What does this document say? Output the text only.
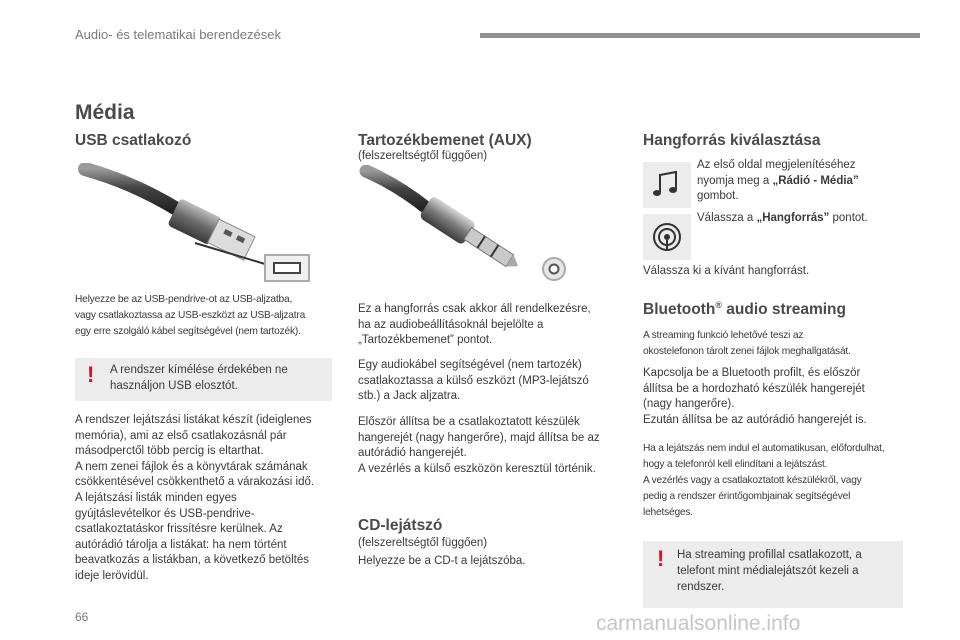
Audio- és telematikai berendezések
Média
USB csatlakozó
Helyezze be az USB-pendrive-ot az USB-aljzatba,
vagy csatlakoztassa az USB-eszközt az USB-aljzatra
egy erre szolgáló kábel segítségével (nem tartozék).
! A rendszer kímélése érdekében ne
használjon USB elosztót.
A rendszer lejátszási listákat készít (ideiglenes
memória), ami az első csatlakozásnál pár
másodperctől több percig is eltarthat.
A nem zenei fájlok és a könyvtárak számának
csökkentésével csökkenthető a várakozási idő.
A lejátszási listák minden egyes
gyújtáslevételkor és USB-pendrive-
csatlakoztatáskor frissítésre kerülnek. Az
autórádió tárolja a listákat: ha nem történt
beavatkozás a listákban, a következő betöltés
ideje lerövidül.
Tartozékbemenet (AUX)
(felszereltségtől függően)
Ez a hangforrás csak akkor áll rendelkezésre,
ha az audiobeállításoknál bejelölte a
„Tartozékbemenet” pontot.
Egy audiokábel segítségével (nem tartozék)
csatlakoztassa a külső eszközt (MP3-lejátszó
stb.) a Jack aljzatra.
Először állítsa be a csatlakoztatott készülék
hangerejét (nagy hangerőre), majd állítsa be az
autórádió hangerejét.
A vezérlés a külső eszközön keresztül történik.
CD-lejátszó
(felszereltségtől függően)
Helyezze be a CD-t a lejátszóba.
Hangforrás kiválasztása
Az első oldal megjelenítéséhez
nyomja meg a „Rádió - Média”
gombot.
Válassza a „Hangforrás” pontot.
Válassza ki a kívánt hangforrást.
Bluetooth® audio streaming
A streaming funkció lehetővé teszi az
okostelefonon tárolt zenei fájlok meghallgatását.
Kapcsolja be a Bluetooth profilt, és először
állítsa be a hordozható készülék hangerejét
(nagy hangerőre).
Ezután állítsa be az autórádió hangerejét is.
Ha a lejátszás nem indul el automatikusan, előfordulhat,
hogy a telefonról kell elindítani a lejátszást.
A vezérlés vagy a csatlakoztatott készülékről, vagy
pedig a rendszer érintőgombjainak segítségével
lehetséges.
! Ha streaming profillal csatlakozott, a
telefont mint médialejátszót kezeli a
rendszer.
66	carmanualsonline.info
